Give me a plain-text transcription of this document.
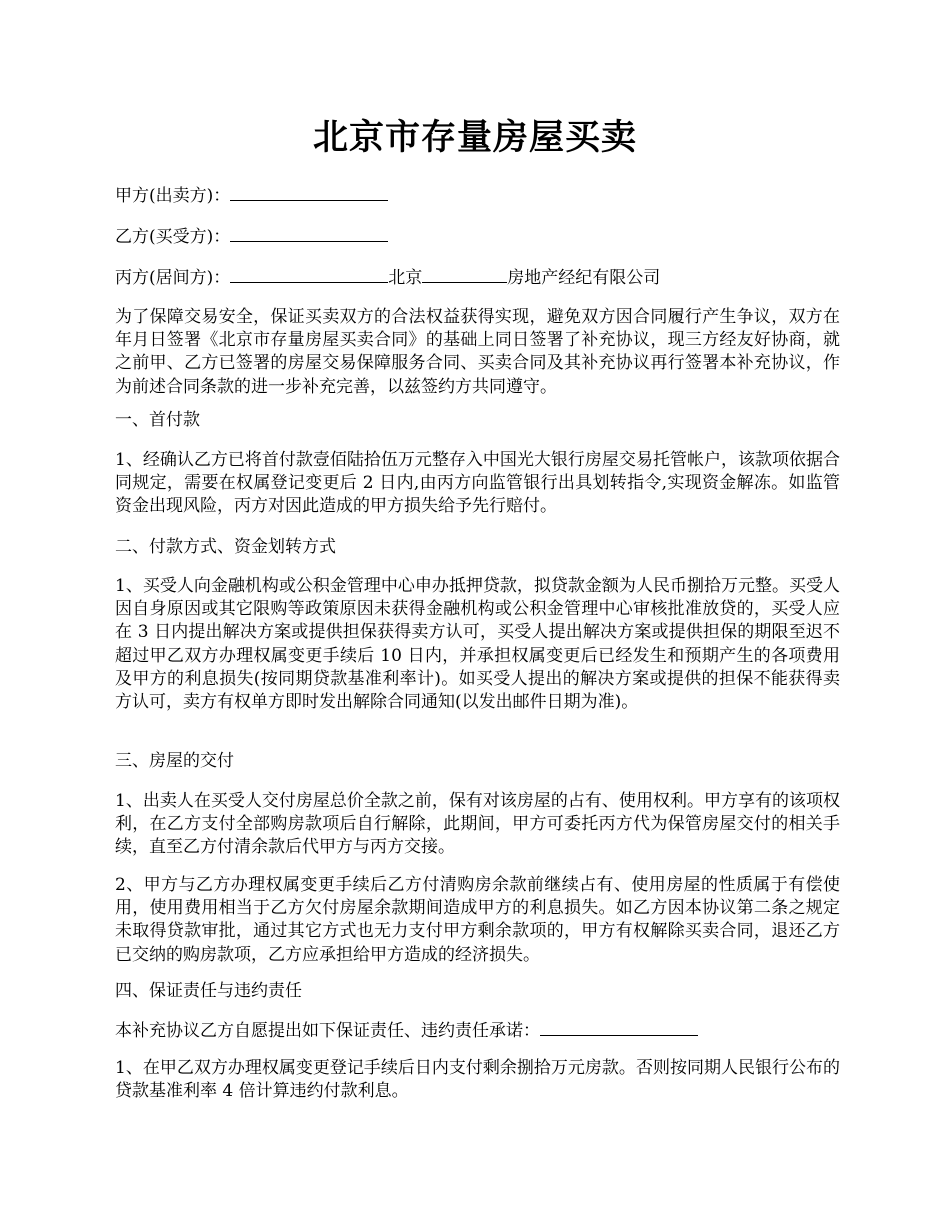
北京市存量房屋买卖
甲方(出卖方)：
乙方(买受方)：
丙方(居间方)：	北京	房地产经纪有限公司
为了保障交易安全，保证买卖双方的合法权益获得实现，避免双方因合同履行产生争议，双方在年月日签署《北京市存量房屋买卖合同》的基础上同日签署了补充协议，现三方经友好协商，就之前甲、乙方已签署的房屋交易保障服务合同、买卖合同及其补充协议再行签署本补充协议，作为前述合同条款的进一步补充完善，以兹签约方共同遵守。
一、首付款
1、经确认乙方已将首付款壹佰陆拾伍万元整存入中国光大银行房屋交易托管帐户，该款项依据合同规定，需要在权属登记变更后 2 日内,由丙方向监管银行出具划转指令,实现资金解冻。如监管资金出现风险，丙方对因此造成的甲方损失给予先行赔付。
二、付款方式、资金划转方式
1、买受人向金融机构或公积金管理中心申办抵押贷款，拟贷款金额为人民币捌拾万元整。买受人因自身原因或其它限购等政策原因未获得金融机构或公积金管理中心审核批准放贷的，买受人应在 3 日内提出解决方案或提供担保获得卖方认可，买受人提出解决方案或提供担保的期限至迟不超过甲乙双方办理权属变更手续后 10 日内，并承担权属变更后已经发生和预期产生的各项费用及甲方的利息损失(按同期贷款基准利率计)。如买受人提出的解决方案或提供的担保不能获得卖方认可，卖方有权单方即时发出解除合同通知(以发出邮件日期为准)。
三、房屋的交付
1、出卖人在买受人交付房屋总价全款之前，保有对该房屋的占有、使用权利。甲方享有的该项权利，在乙方支付全部购房款项后自行解除，此期间，甲方可委托丙方代为保管房屋交付的相关手续，直至乙方付清余款后代甲方与丙方交接。
2、甲方与乙方办理权属变更手续后乙方付清购房余款前继续占有、使用房屋的性质属于有偿使用，使用费用相当于乙方欠付房屋余款期间造成甲方的利息损失。如乙方因本协议第二条之规定未取得贷款审批，通过其它方式也无力支付甲方剩余款项的，甲方有权解除买卖合同，退还乙方已交纳的购房款项，乙方应承担给甲方造成的经济损失。
四、保证责任与违约责任
本补充协议乙方自愿提出如下保证责任、违约责任承诺：
1、在甲乙双方办理权属变更登记手续后日内支付剩余捌拾万元房款。否则按同期人民银行公布的贷款基准利率 4 倍计算违约付款利息。
